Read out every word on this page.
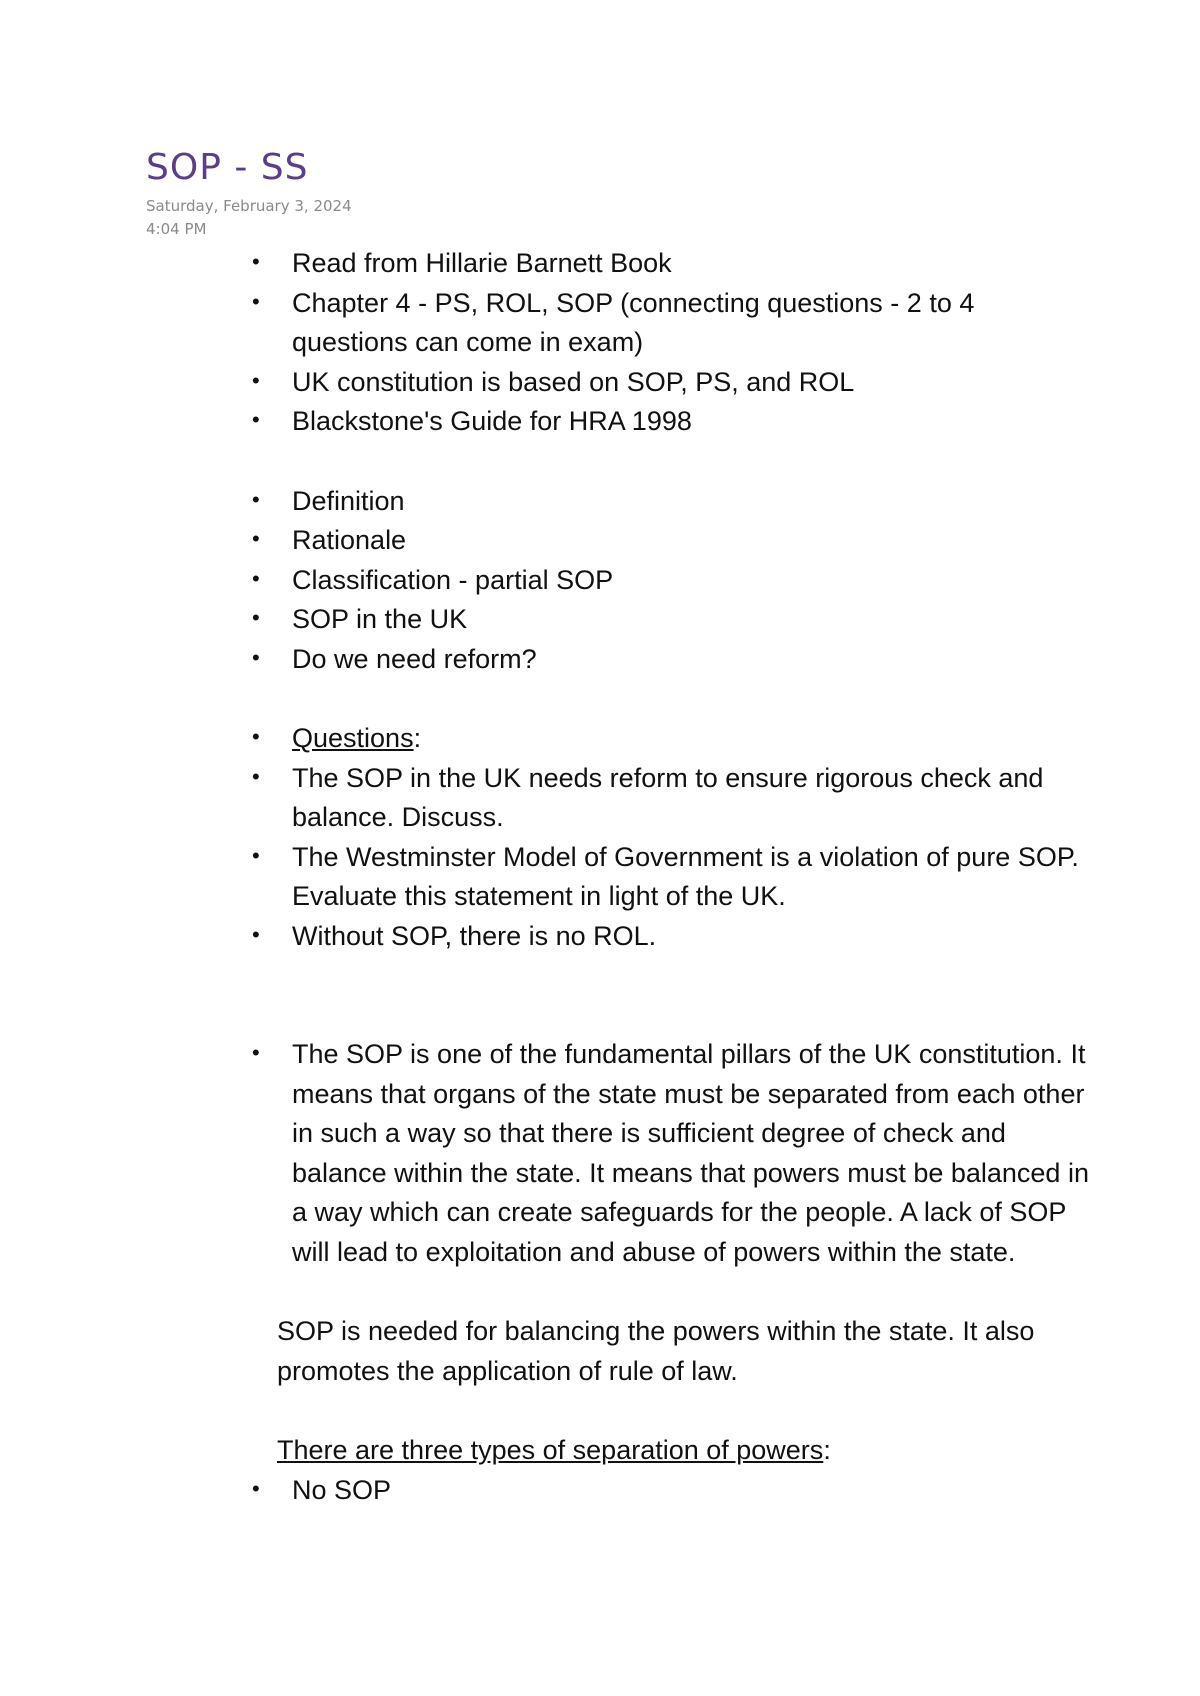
SOP - SS
Saturday, February 3, 2024
4:04 PM
• Read from Hillarie Barnett Book
• Chapter 4 - PS, ROL, SOP (connecting questions - 2 to 4 questions can come in exam)
• UK constitution is based on SOP, PS, and ROL
• Blackstone's Guide for HRA 1998
• Definition
• Rationale
• Classification - partial SOP
• SOP in the UK
• Do we need reform?
• Questions:
• The SOP in the UK needs reform to ensure rigorous check and balance. Discuss.
• The Westminster Model of Government is a violation of pure SOP. Evaluate this statement in light of the UK.
• Without SOP, there is no ROL.
• The SOP is one of the fundamental pillars of the UK constitution. It means that organs of the state must be separated from each other in such a way so that there is sufficient degree of check and balance within the state. It means that powers must be balanced in a way which can create safeguards for the people. A lack of SOP will lead to exploitation and abuse of powers within the state.

SOP is needed for balancing the powers within the state. It also promotes the application of rule of law.

There are three types of separation of powers:

• No SOP
